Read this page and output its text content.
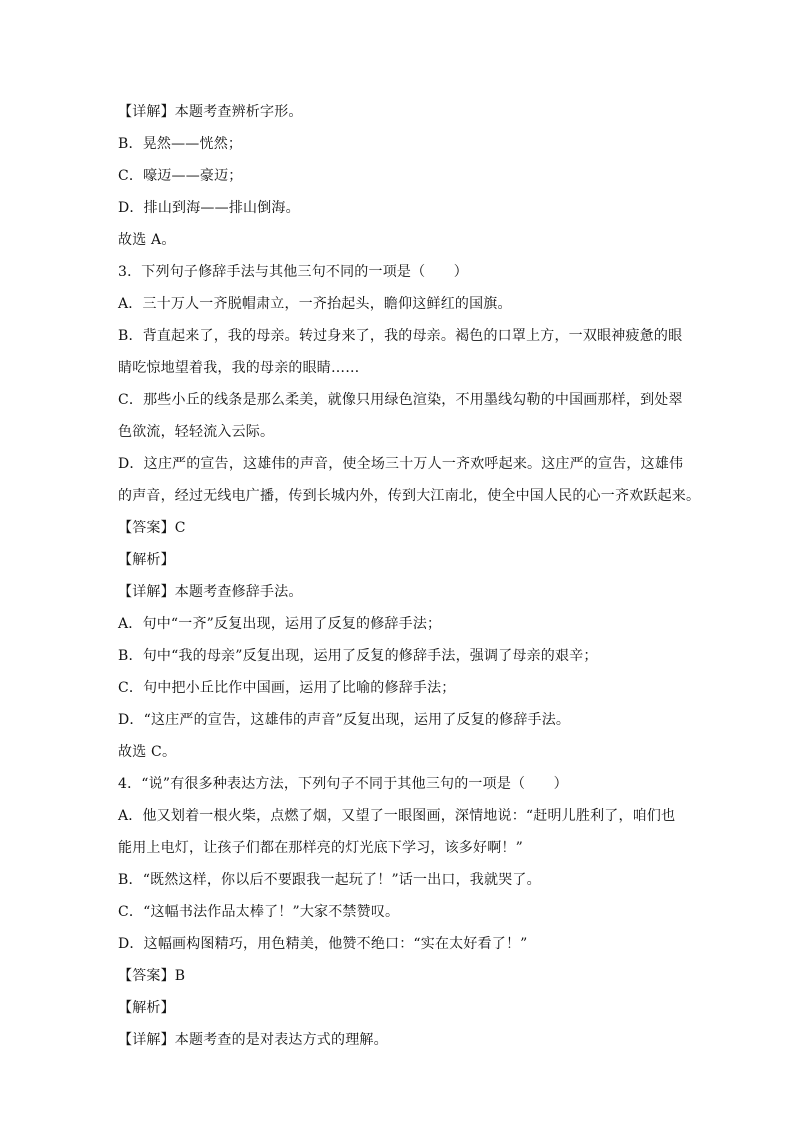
【详解】本题考查辨析字形。
B．晃然——恍然；
C．嚎迈——豪迈；
D．排山到海——排山倒海。
故选 A。
3．下列句子修辞手法与其他三句不同的一项是（　　）
A．三十万人一齐脱帽肃立，一齐抬起头，瞻仰这鲜红的国旗。
B．背直起来了，我的母亲。转过身来了，我的母亲。褐色的口罩上方，一双眼神疲惫的眼
睛吃惊地望着我，我的母亲的眼睛……
C．那些小丘的线条是那么柔美，就像只用绿色渲染，不用墨线勾勒的中国画那样，到处翠
色欲流，轻轻流入云际。
D．这庄严的宣告，这雄伟的声音，使全场三十万人一齐欢呼起来。这庄严的宣告，这雄伟
的声音，经过无线电广播，传到长城内外，传到大江南北，使全中国人民的心一齐欢跃起来。
【答案】C
【解析】
【详解】本题考查修辞手法。
A．句中“一齐”反复出现，运用了反复的修辞手法；
B．句中“我的母亲”反复出现，运用了反复的修辞手法，强调了母亲的艰辛；
C．句中把小丘比作中国画，运用了比喻的修辞手法；
D．“这庄严的宣告，这雄伟的声音”反复出现，运用了反复的修辞手法。
故选 C。
4．“说”有很多种表达方法，下列句子不同于其他三句的一项是（　　）
A．他又划着一根火柴，点燃了烟，又望了一眼图画，深情地说：“赶明儿胜利了，咱们也
能用上电灯，让孩子们都在那样亮的灯光底下学习，该多好啊！”
B．“既然这样，你以后不要跟我一起玩了！”话一出口，我就哭了。
C．“这幅书法作品太棒了！”大家不禁赞叹。
D．这幅画构图精巧，用色精美，他赞不绝口：“实在太好看了！”
【答案】B
【解析】
【详解】本题考查的是对表达方式的理解。
